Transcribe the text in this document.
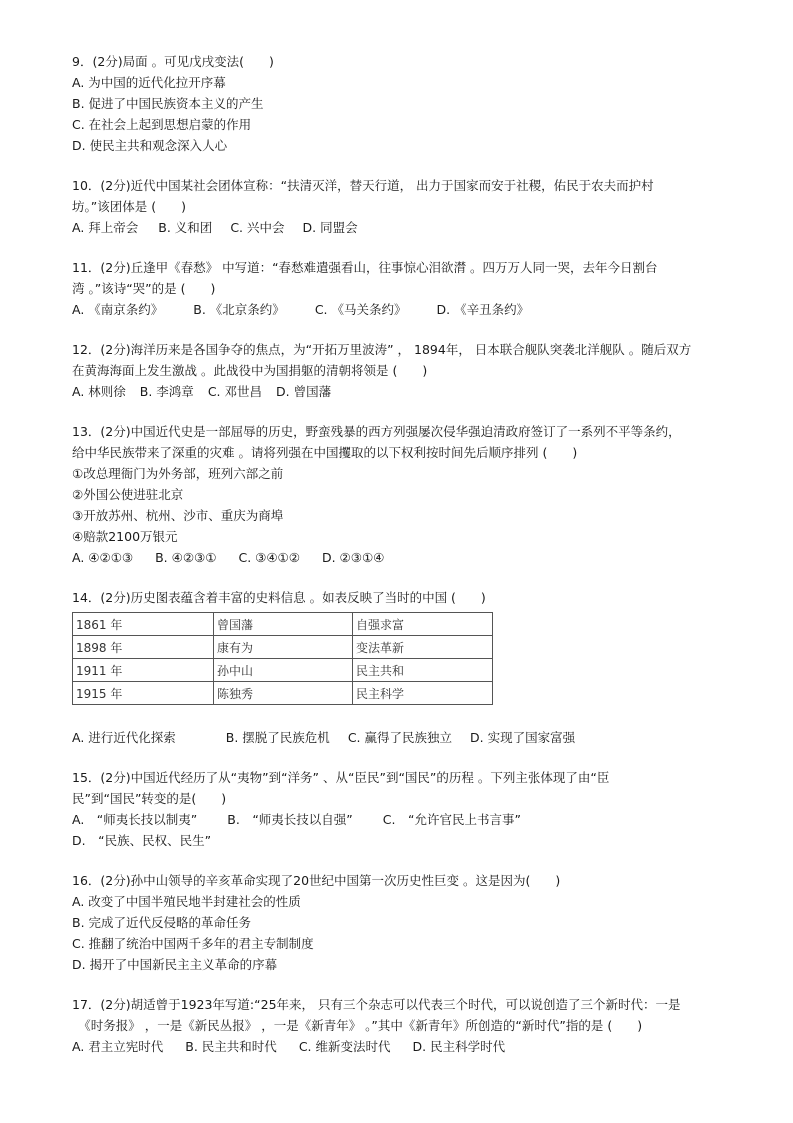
9．(2分)局面 。可见戊戌变法(　　)
A. 为中国的近代化拉开序幕
B. 促进了中国民族资本主义的产生
C. 在社会上起到思想启蒙的作用
D. 使民主共和观念深入人心
10．(2分)近代中国某社会团体宣称：“扶清灭洋，替天行道， 出力于国家而安于社稷，佑民于农夫而护村
坊。”该团体是 (　　)
A. 拜上帝会 B. 义和团 C. 兴中会 D. 同盟会
11．(2分)丘逢甲《春愁》 中写道：“春愁难遣强看山，往事惊心泪欲潸 。四万万人同一哭，去年今日割台
湾 。”该诗“哭”的是 (　　)
A. 《南京条约》 B. 《北京条约》 C. 《马关条约》 D. 《辛丑条约》
12．(2分)海洋历来是各国争夺的焦点，为“开拓万里波涛” ， 1894年， 日本联合舰队突袭北洋舰队 。随后双方
在黄海海面上发生激战 。此战役中为国捐躯的清朝将领是 (　　)
A. 林则徐 B. 李鸿章 C. 邓世昌 D. 曾国藩
13．(2分)中国近代史是一部屈辱的历史，野蛮残暴的西方列强屡次侵华强迫清政府签订了一系列不平等条约，
给中华民族带来了深重的灾难 。请将列强在中国攫取的以下权利按时间先后顺序排列 (　　)
①改总理衙门为外务部，班列六部之前
②外国公使进驻北京
③开放苏州、杭州、沙市、重庆为商埠
④赔款2100万银元
A. ④②①③ B. ④②③① C. ③④①② D. ②③①④
14．(2分)历史图表蕴含着丰富的史料信息 。如表反映了当时的中国 (　　)
1861 年	曾国藩	自强求富
1898 年	康有为	变法革新
1911 年	孙中山	民主共和
1915 年	陈独秀	民主科学
A. 进行近代化探索	B. 摆脱了民族危机 C. 赢得了民族独立 D. 实现了国家富强
15．(2分)中国近代经历了从“夷物”到“洋务” 、从“臣民”到“国民”的历程 。下列主张体现了由“臣
民”到“国民”转变的是(　　)
A.　“师夷长技以制夷” B.　“师夷长技以自强” C.　“允许官民上书言事”
D.　“民族、民权、民生”
16．(2分)孙中山领导的辛亥革命实现了20世纪中国第一次历史性巨变 。这是因为(　　)
A. 改变了中国半殖民地半封建社会的性质
B. 完成了近代反侵略的革命任务
C. 推翻了统治中国两千多年的君主专制制度
D. 揭开了中国新民主主义革命的序幕
17．(2分)胡适曾于1923年写道:“25年来， 只有三个杂志可以代表三个时代，可以说创造了三个新时代：一是
　《时务报》 ，一是《新民丛报》 ，一是《新青年》 。”其中《新青年》所创造的“新时代”指的是 (　　)
A. 君主立宪时代 B. 民主共和时代 C. 维新变法时代 D. 民主科学时代
